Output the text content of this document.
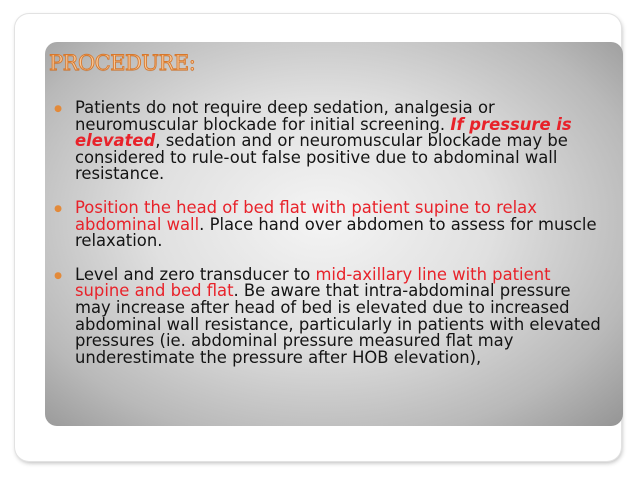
PROCEDURE:
● Patients do not require deep sedation, analgesia or neuromuscular blockade for initial screening. If pressure is elevated, sedation and or neuromuscular blockade may be considered to rule-out false positive due to abdominal wall resistance.
● Position the head of bed flat with patient supine to relax abdominal wall. Place hand over abdomen to assess for muscle relaxation.
● Level and zero transducer to mid-axillary line with patient supine and bed flat. Be aware that intra-abdominal pressure may increase after head of bed is elevated due to increased abdominal wall resistance, particularly in patients with elevated pressures (ie. abdominal pressure measured flat may underestimate the pressure after HOB elevation),
